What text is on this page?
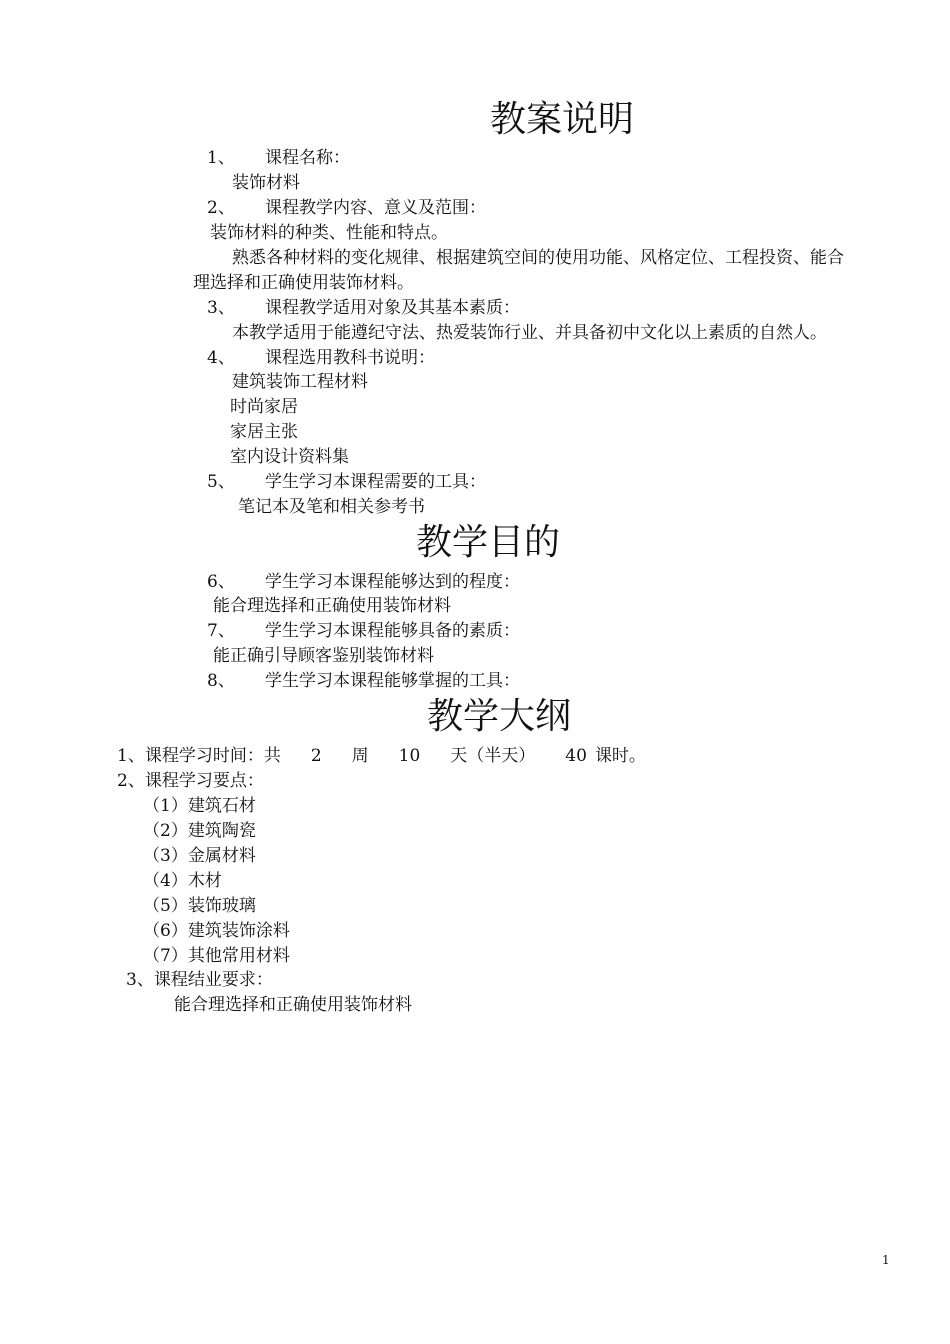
教案说明
1、 课程名称：
装饰材料
2、 课程教学内容、意义及范围：
装饰材料的种类、性能和特点。
熟悉各种材料的变化规律、根据建筑空间的使用功能、风格定位、工程投资、能合
理选择和正确使用装饰材料。
3、 课程教学适用对象及其基本素质：
本教学适用于能遵纪守法、热爱装饰行业、并具备初中文化以上素质的自然人。
4、 课程选用教科书说明：
建筑装饰工程材料
时尚家居
家居主张
室内设计资料集
5、 学生学习本课程需要的工具：
笔记本及笔和相关参考书
教学目的
6、 学生学习本课程能够达到的程度：
能合理选择和正确使用装饰材料
7、 学生学习本课程能够具备的素质：
能正确引导顾客鉴别装饰材料
8、 学生学习本课程能够掌握的工具：
教学大纲
1、课程学习时间：共 2 周 10 天（半天） 40 课时。
2、课程学习要点：
（1）建筑石材
（2）建筑陶瓷
（3）金属材料
（4）木材
（5）装饰玻璃
（6）建筑装饰涂料
（7）其他常用材料
3、课程结业要求：
能合理选择和正确使用装饰材料
1
